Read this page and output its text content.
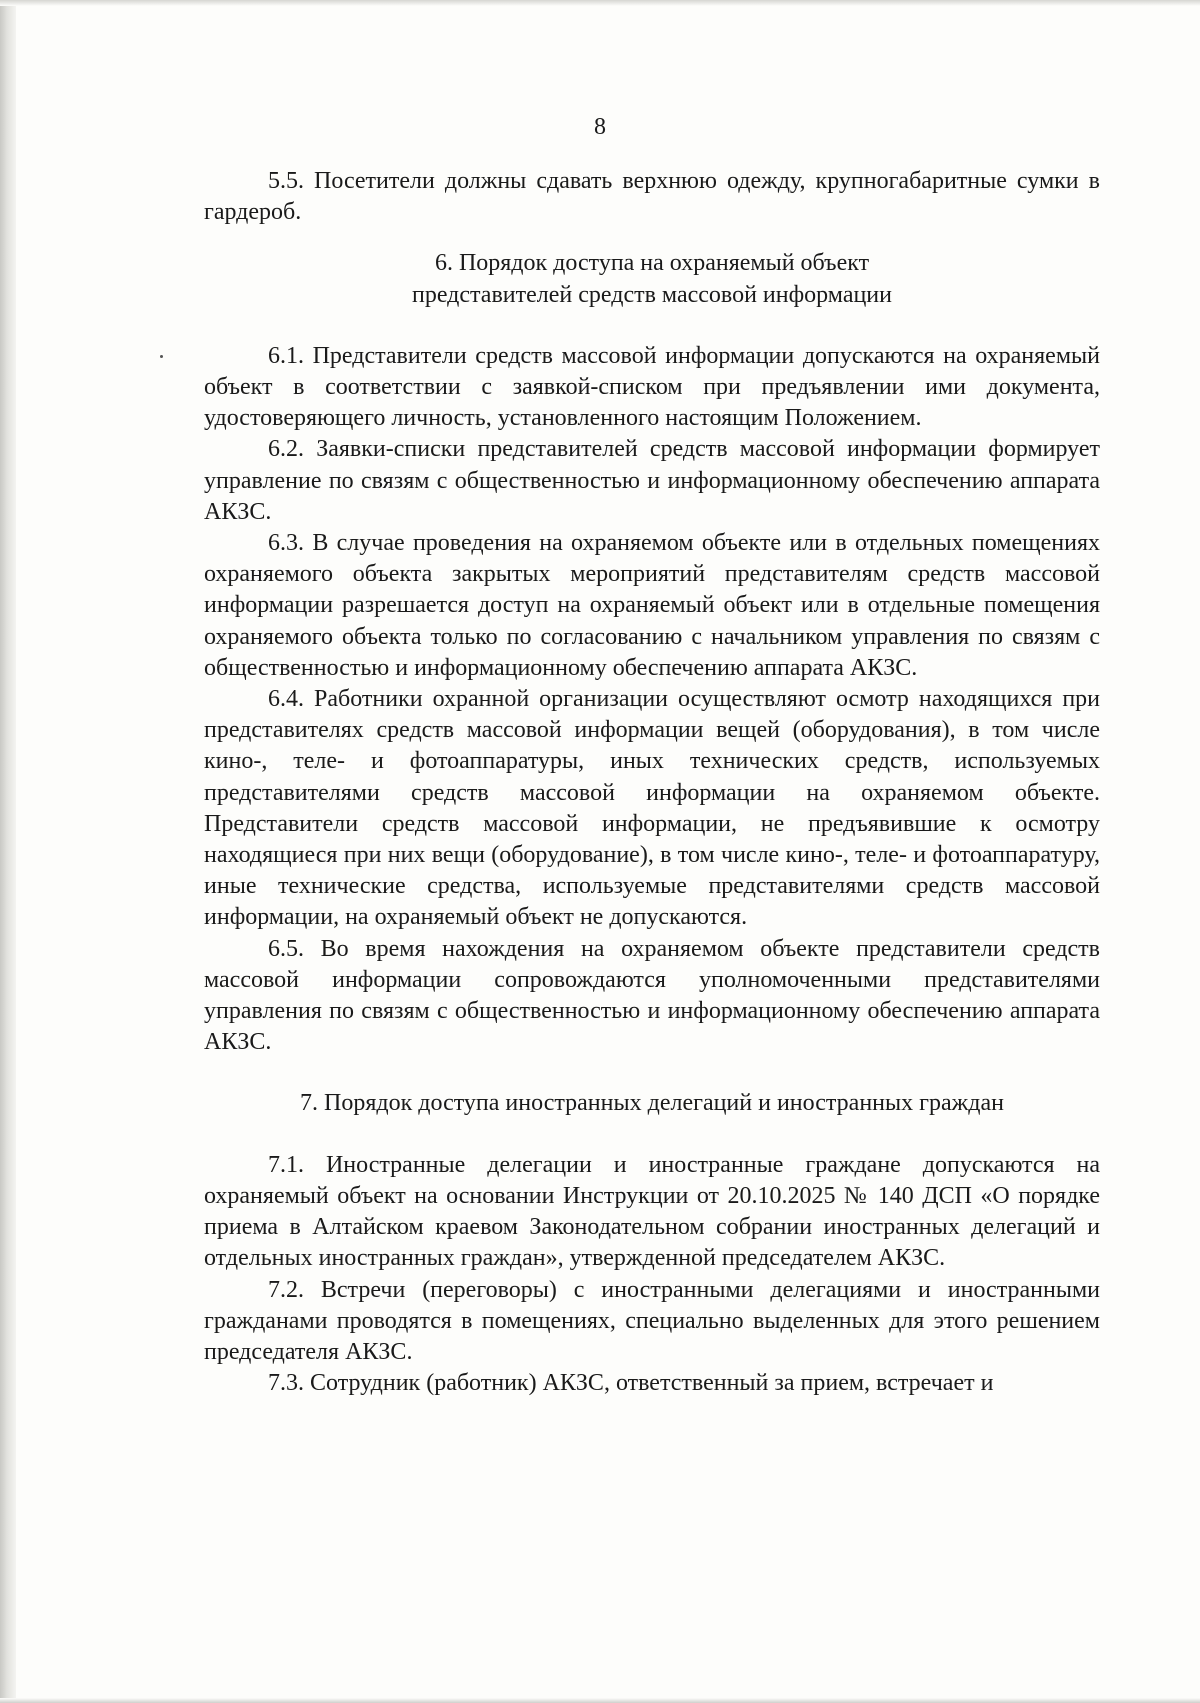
8

5.5. Посетители должны сдавать верхнюю одежду, крупногабаритные сумки в гардероб.

6. Порядок доступа на охраняемый объект
представителей средств массовой информации

6.1. Представители средств массовой информации допускаются на охраняемый объект в соответствии с заявкой-списком при предъявлении ими документа, удостоверяющего личность, установленного настоящим Положением.

6.2. Заявки-списки представителей средств массовой информации формирует управление по связям с общественностью и информационному обеспечению аппарата АКЗС.

6.3. В случае проведения на охраняемом объекте или в отдельных помещениях охраняемого объекта закрытых мероприятий представителям средств массовой информации разрешается доступ на охраняемый объект или в отдельные помещения охраняемого объекта только по согласованию с начальником управления по связям с общественностью и информационному обеспечению аппарата АКЗС.

6.4. Работники охранной организации осуществляют осмотр находящихся при представителях средств массовой информации вещей (оборудования), в том числе кино-, теле- и фотоаппаратуры, иных технических средств, используемых представителями средств массовой информации на охраняемом объекте. Представители средств массовой информации, не предъявившие к осмотру находящиеся при них вещи (оборудование), в том числе кино-, теле- и фотоаппаратуру, иные технические средства, используемые представителями средств массовой информации, на охраняемый объект не допускаются.

6.5. Во время нахождения на охраняемом объекте представители средств массовой информации сопровождаются уполномоченными представителями управления по связям с общественностью и информационному обеспечению аппарата АКЗС.

7. Порядок доступа иностранных делегаций и иностранных граждан

7.1. Иностранные делегации и иностранные граждане допускаются на охраняемый объект на основании Инструкции от 20.10.2025 № 140 ДСП «О порядке приема в Алтайском краевом Законодательном собрании иностранных делегаций и отдельных иностранных граждан», утвержденной председателем АКЗС.

7.2. Встречи (переговоры) с иностранными делегациями и иностранными гражданами проводятся в помещениях, специально выделенных для этого решением председателя АКЗС.

7.3. Сотрудник (работник) АКЗС, ответственный за прием, встречает и
